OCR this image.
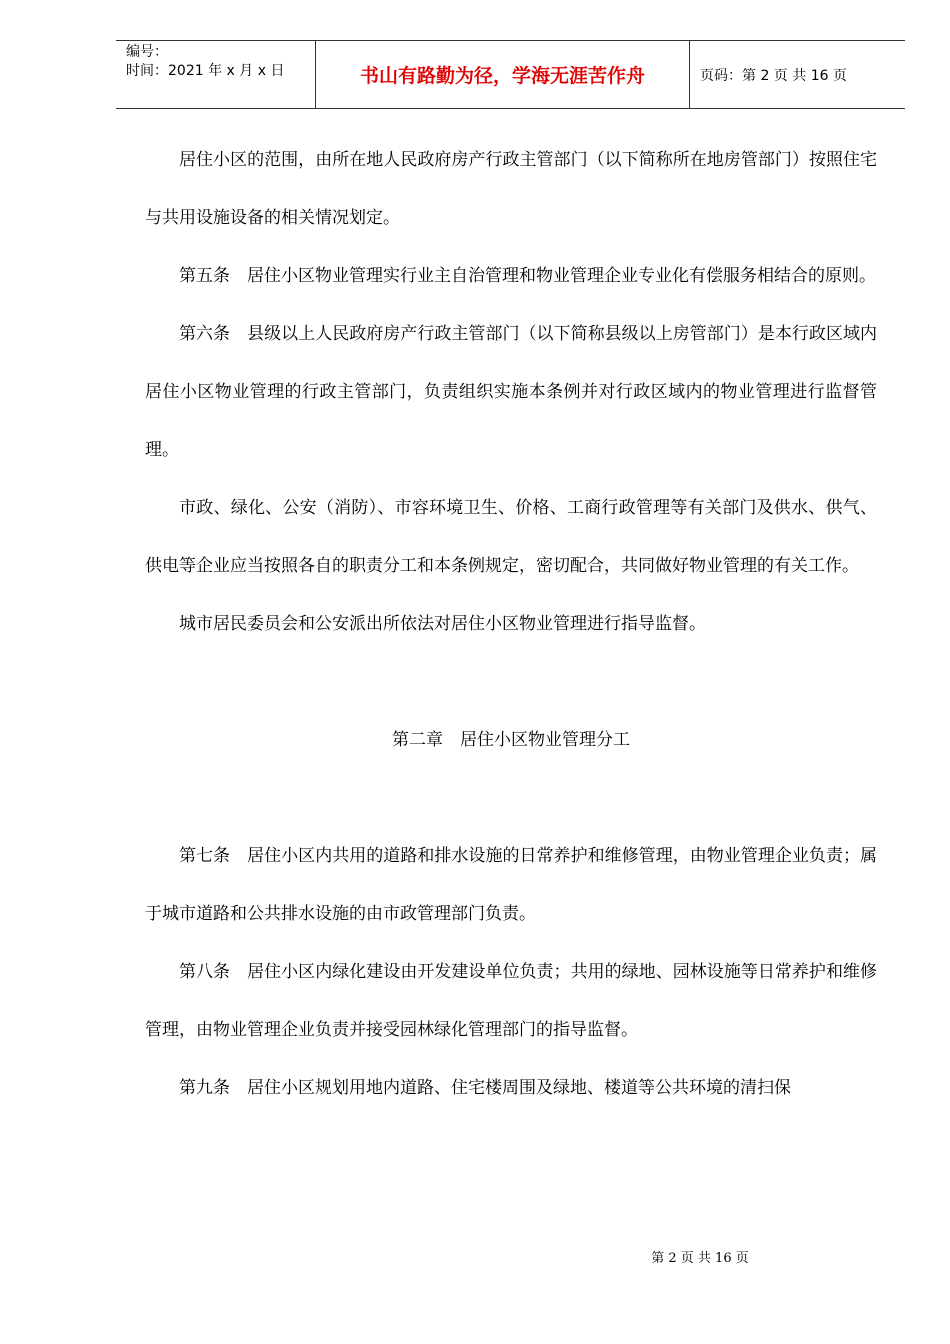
编号：
时间：2021 年 x 月 x 日	书山有路勤为径，学海无涯苦作舟	页码：第 2 页 共 16 页

居住小区的范围，由所在地人民政府房产行政主管部门（以下简称所在地房管部门）按照住宅与共用设施设备的相关情况划定。

第五条　居住小区物业管理实行业主自治管理和物业管理企业专业化有偿服务相结合的原则。

第六条　县级以上人民政府房产行政主管部门（以下简称县级以上房管部门）是本行政区域内居住小区物业管理的行政主管部门，负责组织实施本条例并对行政区域内的物业管理进行监督管理。

市政、绿化、公安（消防）、市容环境卫生、价格、工商行政管理等有关部门及供水、供气、供电等企业应当按照各自的职责分工和本条例规定，密切配合，共同做好物业管理的有关工作。

城市居民委员会和公安派出所依法对居住小区物业管理进行指导监督。

第二章　居住小区物业管理分工

第七条　居住小区内共用的道路和排水设施的日常养护和维修管理，由物业管理企业负责；属于城市道路和公共排水设施的由市政管理部门负责。

第八条　居住小区内绿化建设由开发建设单位负责；共用的绿地、园林设施等日常养护和维修管理，由物业管理企业负责并接受园林绿化管理部门的指导监督。

第九条　居住小区规划用地内道路、住宅楼周围及绿地、楼道等公共环境的清扫保

第 2 页 共 16 页
